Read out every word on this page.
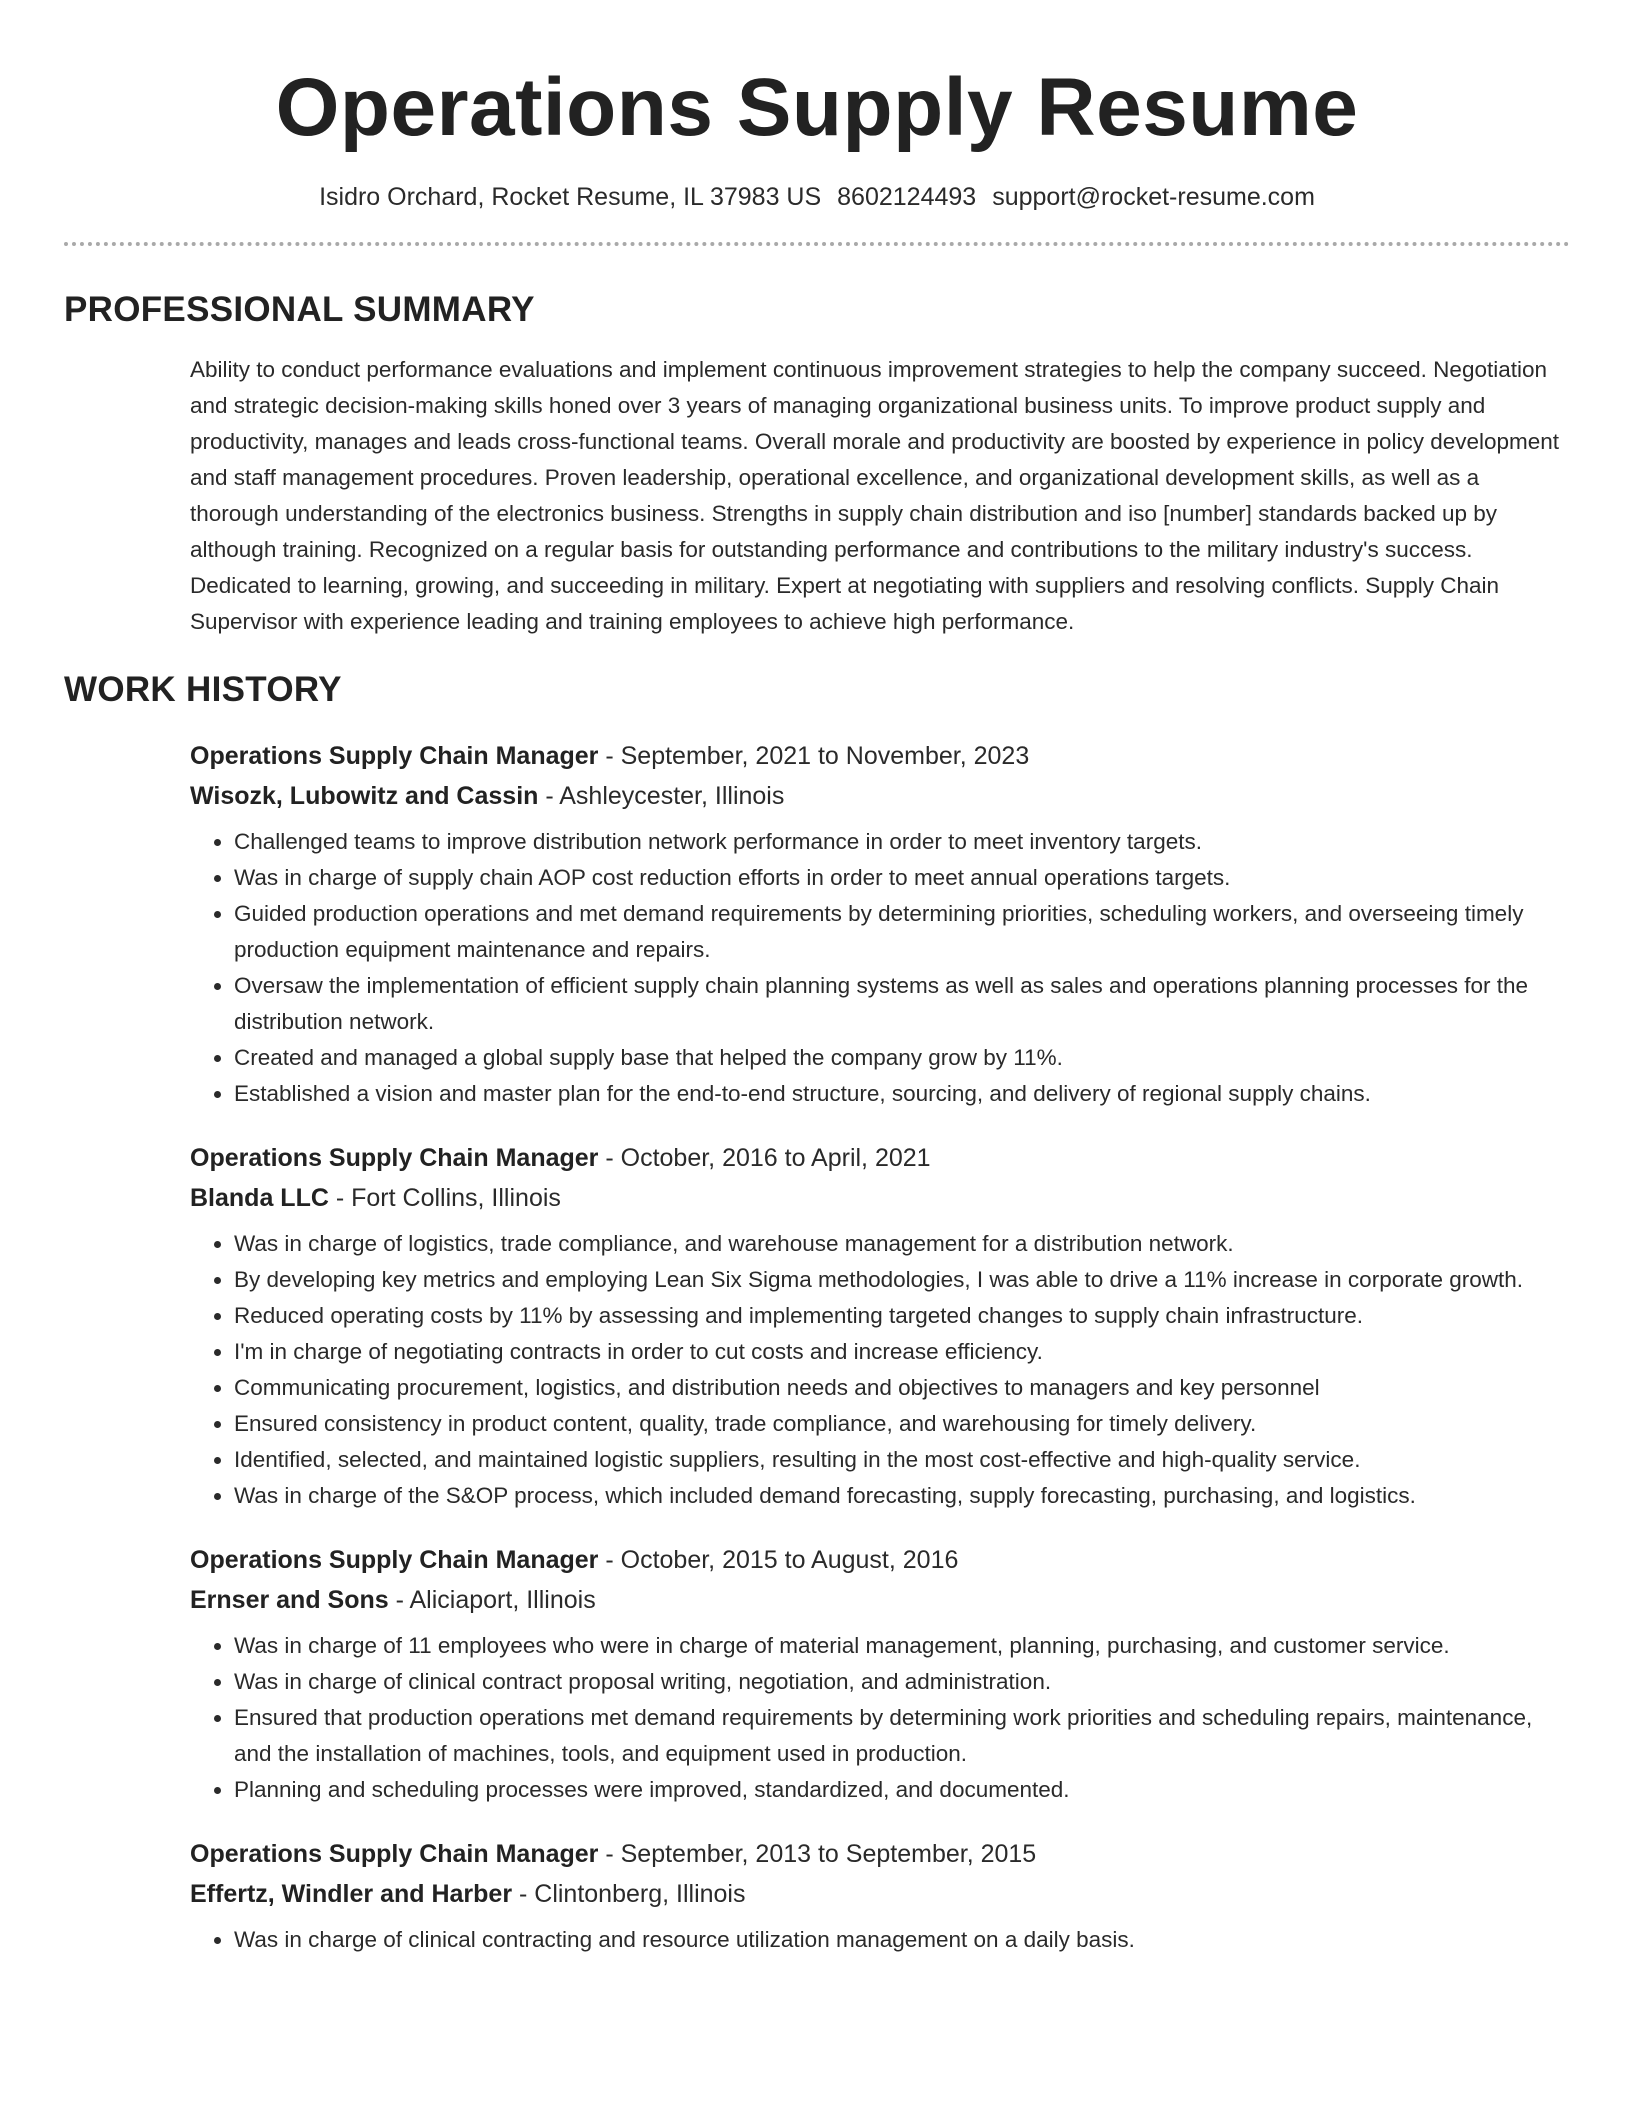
Operations Supply Resume
Isidro Orchard, Rocket Resume, IL 37983 US 8602124493 support@rocket-resume.com
PROFESSIONAL SUMMARY

Ability to conduct performance evaluations and implement continuous improvement strategies to help the company succeed. Negotiation and strategic decision-making skills honed over 3 years of managing organizational business units. To improve product supply and productivity, manages and leads cross-functional teams. Overall morale and productivity are boosted by experience in policy development and staff management procedures. Proven leadership, operational excellence, and organizational development skills, as well as a thorough understanding of the electronics business. Strengths in supply chain distribution and iso [number] standards backed up by although training. Recognized on a regular basis for outstanding performance and contributions to the military industry's success. Dedicated to learning, growing, and succeeding in military. Expert at negotiating with suppliers and resolving conflicts. Supply Chain Supervisor with experience leading and training employees to achieve high performance.

WORK HISTORY
Operations Supply Chain Manager - September, 2021 to November, 2023
Wisozk, Lubowitz and Cassin - Ashleycester, Illinois
• Challenged teams to improve distribution network performance in order to meet inventory targets.
• Was in charge of supply chain AOP cost reduction efforts in order to meet annual operations targets.
• Guided production operations and met demand requirements by determining priorities, scheduling workers, and overseeing timely production equipment maintenance and repairs.
• Oversaw the implementation of efficient supply chain planning systems as well as sales and operations planning processes for the distribution network.
• Created and managed a global supply base that helped the company grow by 11%.
• Established a vision and master plan for the end-to-end structure, sourcing, and delivery of regional supply chains.
Operations Supply Chain Manager - October, 2016 to April, 2021
Blanda LLC - Fort Collins, Illinois
• Was in charge of logistics, trade compliance, and warehouse management for a distribution network.
• By developing key metrics and employing Lean Six Sigma methodologies, I was able to drive a 11% increase in corporate growth.
• Reduced operating costs by 11% by assessing and implementing targeted changes to supply chain infrastructure.
• I'm in charge of negotiating contracts in order to cut costs and increase efficiency.
• Communicating procurement, logistics, and distribution needs and objectives to managers and key personnel
• Ensured consistency in product content, quality, trade compliance, and warehousing for timely delivery.
• Identified, selected, and maintained logistic suppliers, resulting in the most cost-effective and high-quality service.
• Was in charge of the S&OP process, which included demand forecasting, supply forecasting, purchasing, and logistics.
Operations Supply Chain Manager - October, 2015 to August, 2016
Ernser and Sons - Aliciaport, Illinois
• Was in charge of 11 employees who were in charge of material management, planning, purchasing, and customer service.
• Was in charge of clinical contract proposal writing, negotiation, and administration.
• Ensured that production operations met demand requirements by determining work priorities and scheduling repairs, maintenance, and the installation of machines, tools, and equipment used in production.
• Planning and scheduling processes were improved, standardized, and documented.
Operations Supply Chain Manager - September, 2013 to September, 2015
Effertz, Windler and Harber - Clintonberg, Illinois
• Was in charge of clinical contracting and resource utilization management on a daily basis.
